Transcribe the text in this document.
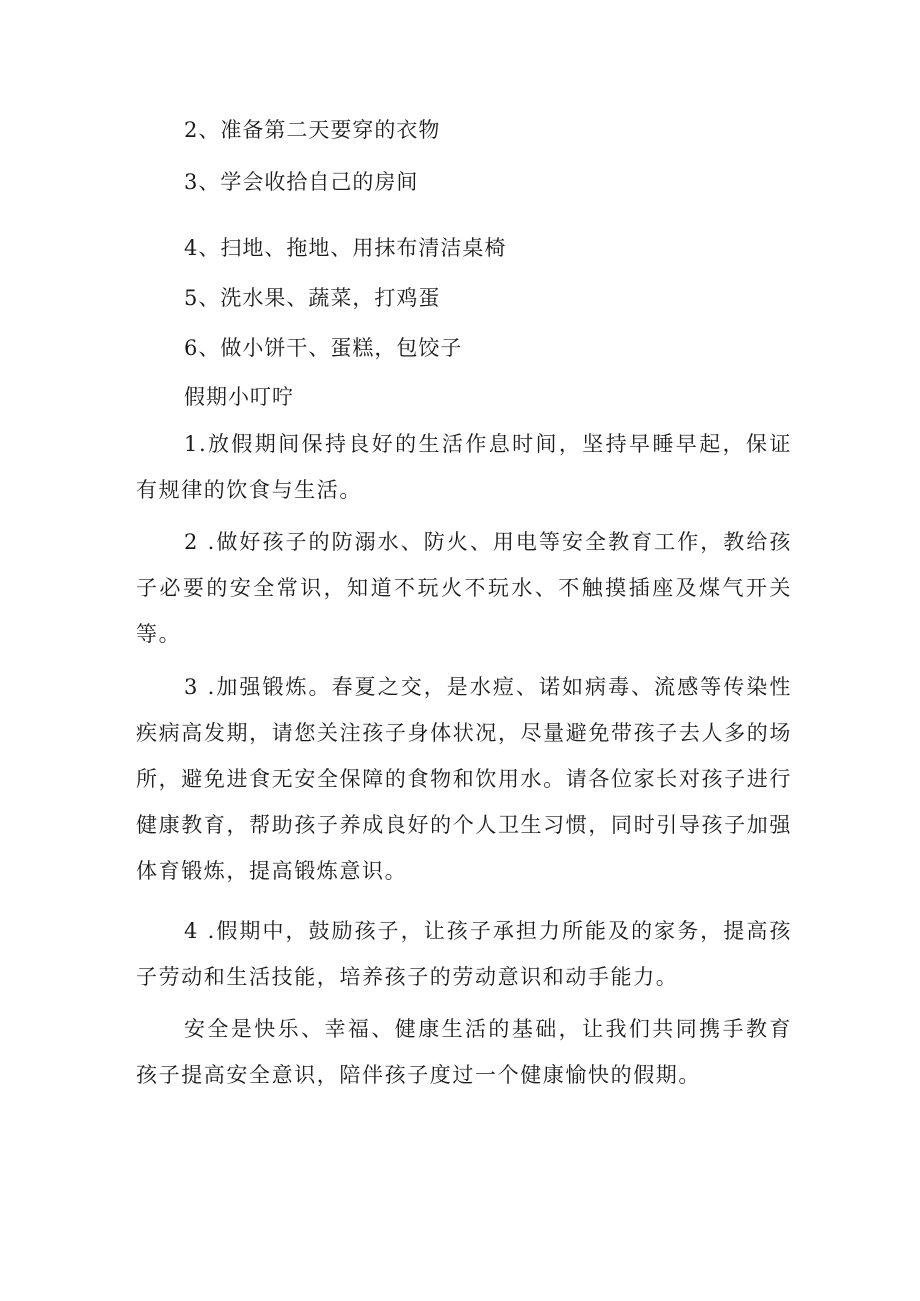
2、准备第二天要穿的衣物
3、学会收拾自己的房间
4、扫地、拖地、用抹布清洁桌椅
5、洗水果、蔬菜，打鸡蛋
6、做小饼干、蛋糕，包饺子
假期小叮咛

1.放假期间保持良好的生活作息时间，坚持早睡早起，保证有规律的饮食与生活。

2 .做好孩子的防溺水、防火、用电等安全教育工作，教给孩子必要的安全常识，知道不玩火不玩水、不触摸插座及煤气开关等。

3 .加强锻炼。春夏之交，是水痘、诺如病毒、流感等传染性疾病高发期，请您关注孩子身体状况，尽量避免带孩子去人多的场所，避免进食无安全保障的食物和饮用水。请各位家长对孩子进行健康教育，帮助孩子养成良好的个人卫生习惯，同时引导孩子加强体育锻炼，提高锻炼意识。

4 .假期中，鼓励孩子，让孩子承担力所能及的家务，提高孩子劳动和生活技能，培养孩子的劳动意识和动手能力。

安全是快乐、幸福、健康生活的基础，让我们共同携手教育孩子提高安全意识，陪伴孩子度过一个健康愉快的假期。
